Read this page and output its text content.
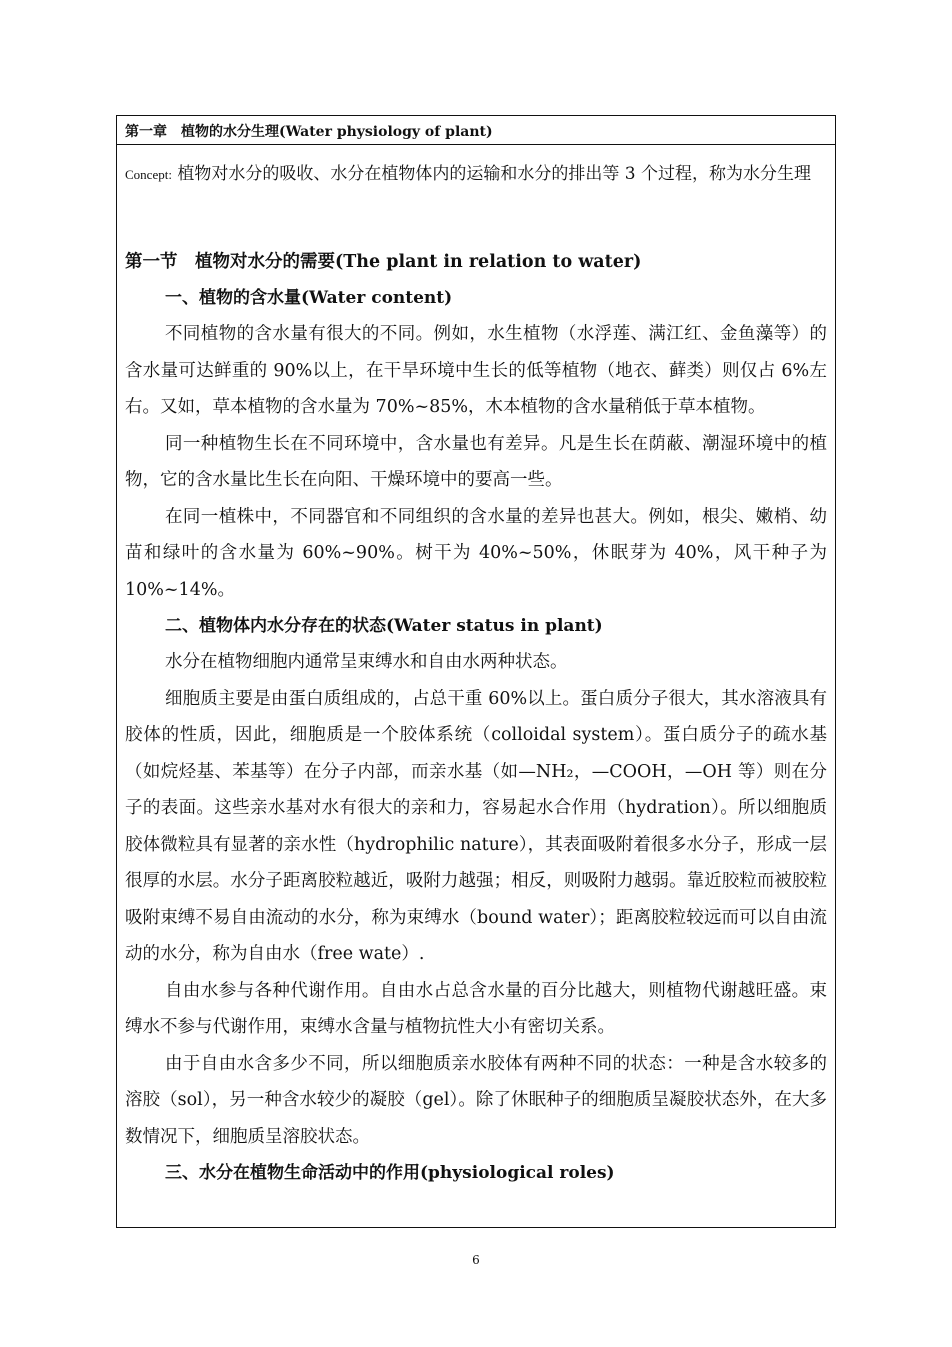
第一章　植物的水分生理(Water physiology of plant)

Concept: 植物对水分的吸收、水分在植物体内的运输和水分的排出等 3 个过程，称为水分生理

第一节　植物对水分的需要(The plant in relation to water)
一、植物的含水量(Water content)

不同植物的含水量有很大的不同。例如，水生植物（水浮莲、满江红、金鱼藻等）的含水量可达鲜重的 90%以上，在干旱环境中生长的低等植物（地衣、藓类）则仅占 6%左右。又如，草本植物的含水量为 70%~85%，木本植物的含水量稍低于草本植物。

同一种植物生长在不同环境中，含水量也有差异。凡是生长在荫蔽、潮湿环境中的植物，它的含水量比生长在向阳、干燥环境中的要高一些。

在同一植株中，不同器官和不同组织的含水量的差异也甚大。例如，根尖、嫩梢、幼苗和绿叶的含水量为 60%~90%。树干为 40%~50%，休眠芽为 40%，风干种子为 10%~14%。

二、植物体内水分存在的状态(Water status in plant)

水分在植物细胞内通常呈束缚水和自由水两种状态。

细胞质主要是由蛋白质组成的，占总干重 60%以上。蛋白质分子很大，其水溶液具有胶体的性质，因此，细胞质是一个胶体系统（colloidal system）。蛋白质分子的疏水基（如烷烃基、苯基等）在分子内部，而亲水基（如—NH₂，—COOH，—OH 等）则在分子的表面。这些亲水基对水有很大的亲和力，容易起水合作用（hydration）。所以细胞质胶体微粒具有显著的亲水性（hydrophilic nature），其表面吸附着很多水分子，形成一层很厚的水层。水分子距离胶粒越近，吸附力越强；相反，则吸附力越弱。靠近胶粒而被胶粒吸附束缚不易自由流动的水分，称为束缚水（bound water）；距离胶粒较远而可以自由流动的水分，称为自由水（free wate）.

自由水参与各种代谢作用。自由水占总含水量的百分比越大，则植物代谢越旺盛。束缚水不参与代谢作用，束缚水含量与植物抗性大小有密切关系。

由于自由水含多少不同，所以细胞质亲水胶体有两种不同的状态：一种是含水较多的溶胶（sol），另一种含水较少的凝胶（gel）。除了休眠种子的细胞质呈凝胶状态外，在大多数情况下，细胞质呈溶胶状态。

三、水分在植物生命活动中的作用(physiological roles)
6
